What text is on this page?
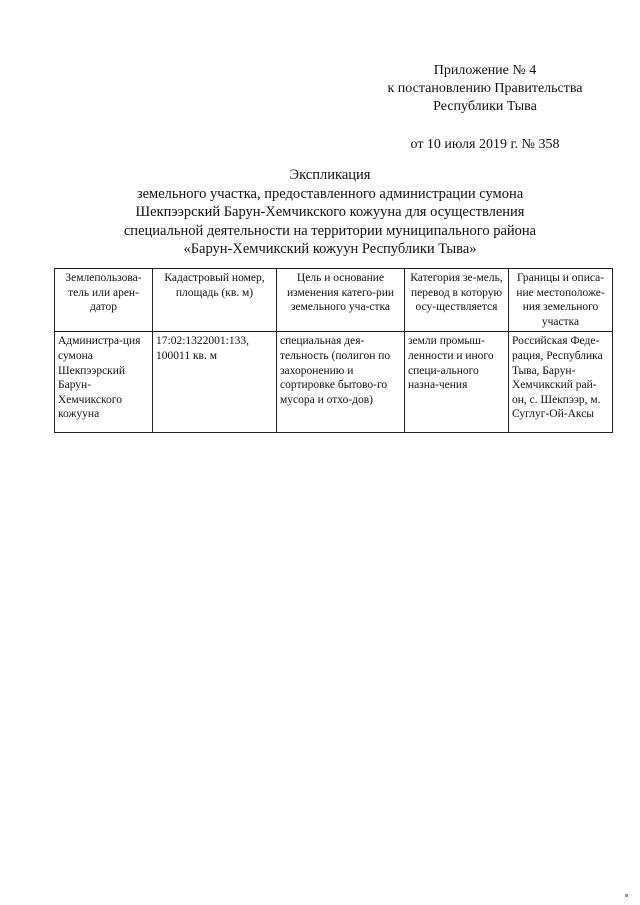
Приложение № 4
к постановлению Правительства
Республики Тыва
от 10 июля 2019 г. № 358
Экспликация
земельного участка, предоставленного администрации сумона
Шекпээрский Барун-Хемчикского кожууна для осуществления
специальной деятельности на территории муниципального района
«Барун-Хемчикский кожуун Республики Тыва»
Землепользова-тель или арен-датор	Кадастровый номер, площадь (кв. м)	Цель и основание изменения катего-рии земельного уча-стка	Категория зе-мель, перевод в которую осу-ществляется	Границы и описа-ние местоположе-ния земельного участка
Администра-ция сумона Шекпээрский Барун-Хемчикского кожууна	17:02:1322001:133, 100011 кв. м	специальная дея-тельность (полигон по захоронению и сортировке бытово-го мусора и отхо-дов)	земли промыш-ленности и иного специ-ального назна-чения	Российская Феде-рация, Республика Тыва, Барун-Хемчикский рай-он, с. Шекпээр, м. Суглуг-Ой-Аксы
